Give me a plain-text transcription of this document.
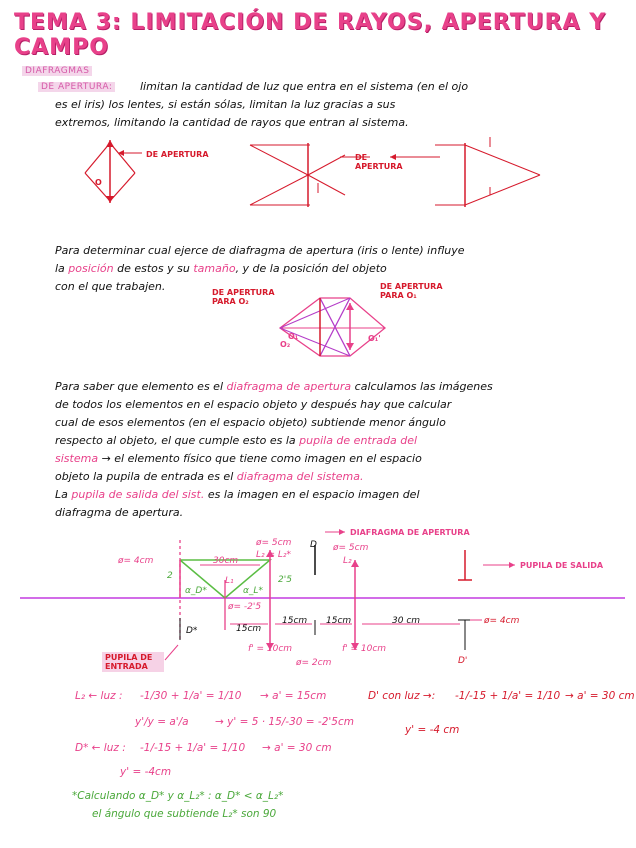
TEMA 3: LIMITACIÓN DE RAYOS, APERTURA Y CAMPO
DIAFRAGMAS
DE APERTURA:	limitan la cantidad de luz que entra en el sistema (en el ojo
es el iris) los lentes, si están sólas, limitan la luz gracias a sus
extremos, limitando la cantidad de rayos que entran al sistema.
DE APERTURA	DE APERTURA
O
Para determinar cual ejerce de diafragma de apertura (iris o lente) influye
la posición de estos y su tamaño, y de la posición del objeto
con el que trabajen.	DE APERTURA PARA O₂
DE APERTURA PARA O₁
O₁
O₂
O₁'
Para saber que elemento es el diafragma de apertura calculamos las imágenes
de todos los elementos en el espacio objeto y después hay que calcular
cual de esos elementos (en el espacio objeto) subtiende menor ángulo
respecto al objeto, el que cumple esto es la pupila de entrada del
sistema → el elemento físico que tiene como imagen en el espacio
objeto la pupila de entrada es el diafragma del sistema.
La pupila de salida del sist. es la imagen en el espacio imagen del
diafragma de apertura.
ø= 4cm	30cm
ø= 5cm
L₂ = L₂*
D ø= 5cm
L₂
DIAFRAGMA DE APERTURA
PUPILA DE SALIDA
2	2'5
L₁
α_D*	α_L*
ø= -2'5
D*	15cm
15cm 15cm	30 cm	ø= 4cm
PUPILA DE ENTRADA
f' = 10cm
ø= 2cm
f' = 10cm
D'
L₂ ← luz : -1/30 + 1/a' = 1/10 → a' = 15cm
y'/y = a'/a	→ y' = 5 · 15/-30 = -2'5cm
D* ← luz : -1/-15 + 1/a' = 1/10 → a' = 30 cm
y' = -4cm
D' con luz →: -1/-15 + 1/a' = 1/10 → a' = 30 cm
y' = -4 cm
*Calculando α_D* y α_L₂* : α_D* < α_L₂*
el ángulo que subtiende L₂* son 90
